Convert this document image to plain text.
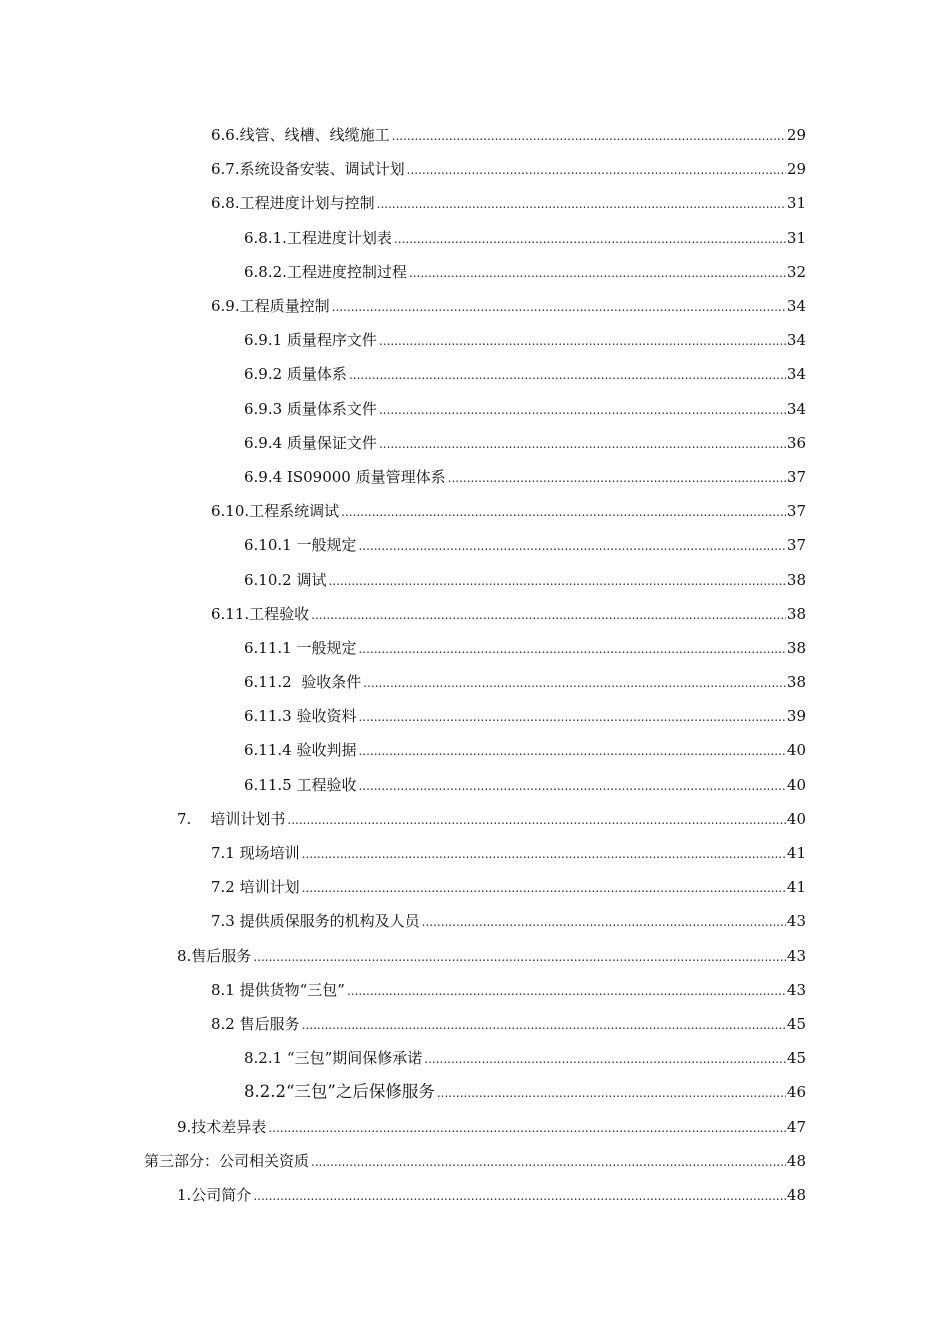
6.6.线管、线槽、线缆施工 .....	29
6.7.系统设备安装、调试计划 .....	29
6.8.工程进度计划与控制 .....	31
6.8.1.工程进度计划表 .....	31
6.8.2.工程进度控制过程 .....	32
6.9.工程质量控制 .....	34
6.9.1 质量程序文件 .....	34
6.9.2 质量体系 .....	34
6.9.3 质量体系文件 .....	34
6.9.4 质量保证文件 .....	36
6.9.4 IS09000 质量管理体系 .....	37
6.10.工程系统调试 .....	37
6.10.1 一般规定 .....	37
6.10.2 调试 .....	38
6.11.工程验收 .....	38
6.11.1 一般规定 .....	38
6.11.2  验收条件 .....	38
6.11.3 验收资料 .....	39
6.11.4 验收判据 .....	40
6.11.5 工程验收 .....	40
7.    培训计划书 .....	40
7.1 现场培训 .....	41
7.2 培训计划 .....	41
7.3 提供质保服务的机构及人员 .....	43
8.售后服务 .....	43
8.1 提供货物“三包” .....	43
8.2 售后服务 .....	45
8.2.1 “三包”期间保修承诺 .....	45
8.2.2“三包”之后保修服务 .....	46
9.技术差异表 .....	47
第三部分：公司相关资质 .....	48
1.公司简介 .....	48
